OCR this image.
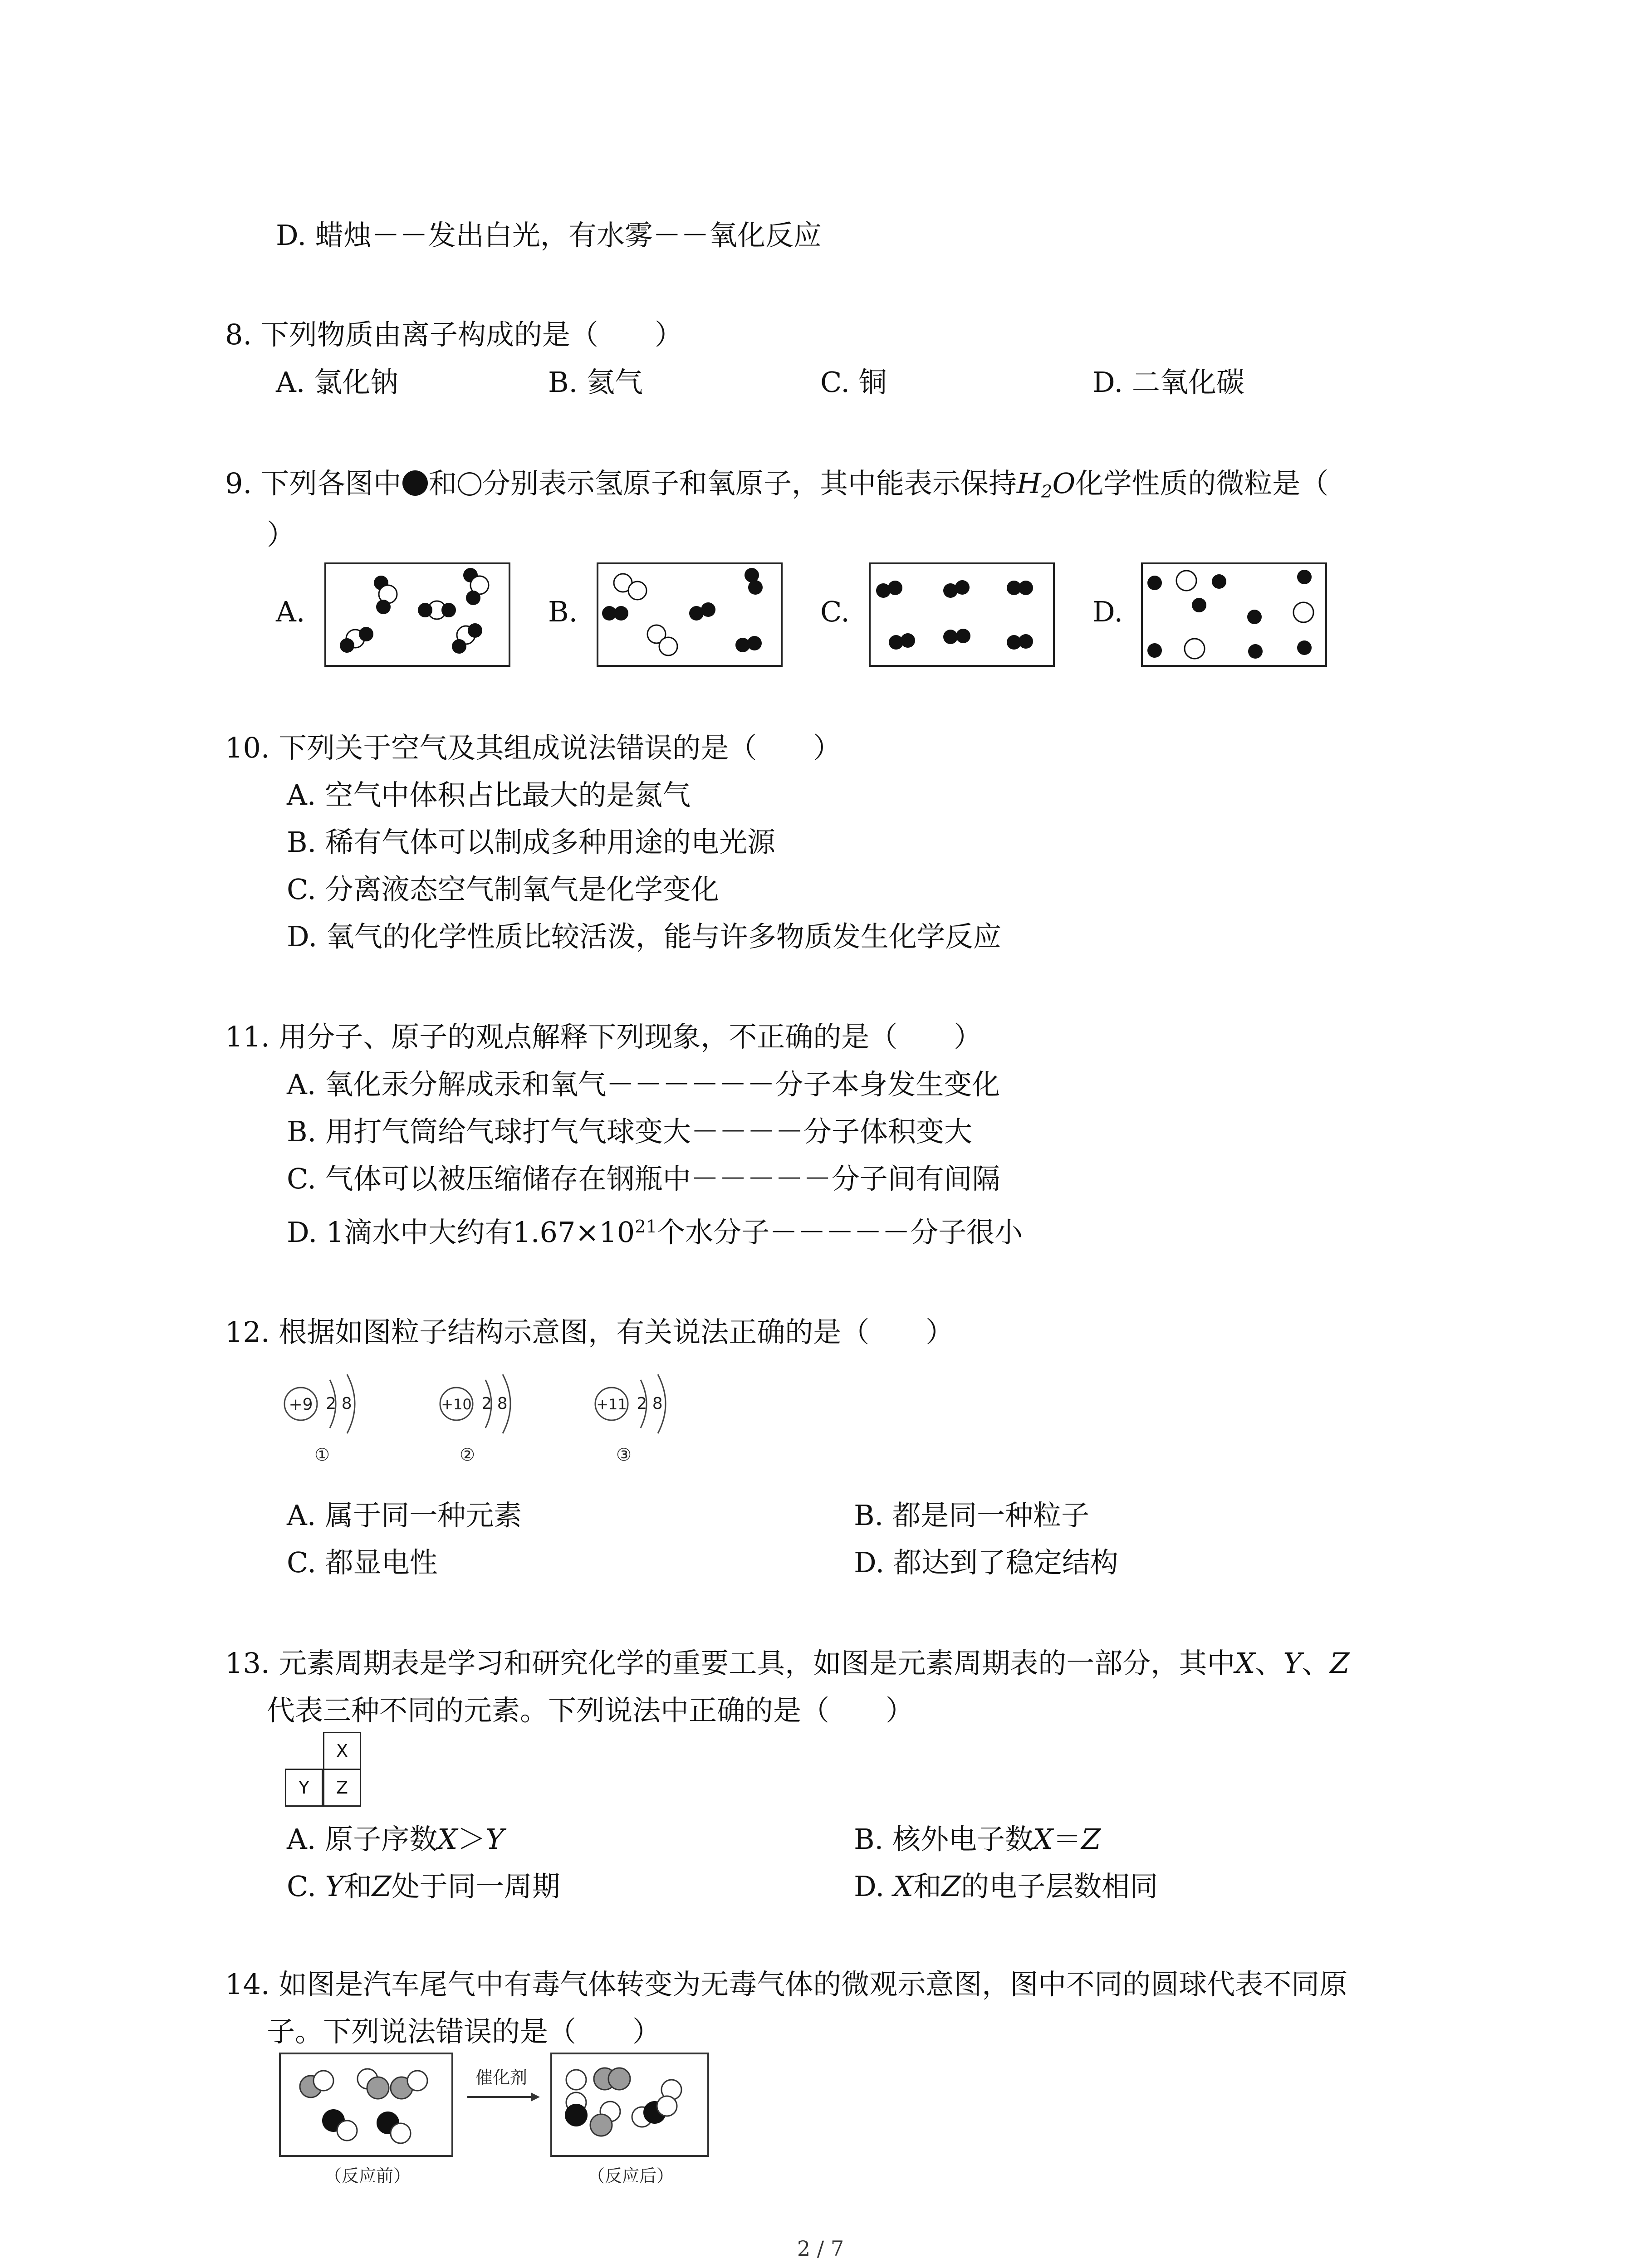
D. 蜡烛－－发出白光，有水雾－－氧化反应
8. 下列物质由离子构成的是（　　）
A. 氯化钠	B. 氦气	C. 铜	D. 二氧化碳
9. 下列各图中 和 分别表示氢原子和氧原子，其中能表示保持$H_2O$化学性质的微粒是（
）
A.	B.	C.	D.
10. 下列关于空气及其组成说法错误的是（　　）
A. 空气中体积占比最大的是氮气
B. 稀有气体可以制成多种用途的电光源
C. 分离液态空气制氧气是化学变化
D. 氧气的化学性质比较活泼，能与许多物质发生化学反应
11. 用分子、原子的观点解释下列现象，不正确的是（　　）
A. 氧化汞分解成汞和氧气－－－－－－分子本身发生变化
B. 用打气筒给气球打气气球变大－－－－分子体积变大
C. 气体可以被压缩储存在钢瓶中－－－－－分子间有间隔
D. 1滴水中大约有$1.67\times 10^{21}$个水分子－－－－－分子很小
12. 根据如图粒子结构示意图，有关说法正确的是（　　）
+9 2 8
①
+10 2 8
②
+11 2 8
③
A. 属于同一种元素	B. 都是同一种粒子
C. 都显电性	D. 都达到了稳定结构
13. 元素周期表是学习和研究化学的重要工具，如图是元素周期表的一部分，其中X、Y、Z
代表三种不同的元素。下列说法中正确的是（　　）
X
Y	Z
A. 原子序数X＞Y	B. 核外电子数X＝Z
C. Y和Z处于同一周期	D. X和Z的电子层数相同
14. 如图是汽车尾气中有毒气体转变为无毒气体的微观示意图，图中不同的圆球代表不同原
子。下列说法错误的是（　　）
催化剂
（反应前）	（反应后）
2 / 7
